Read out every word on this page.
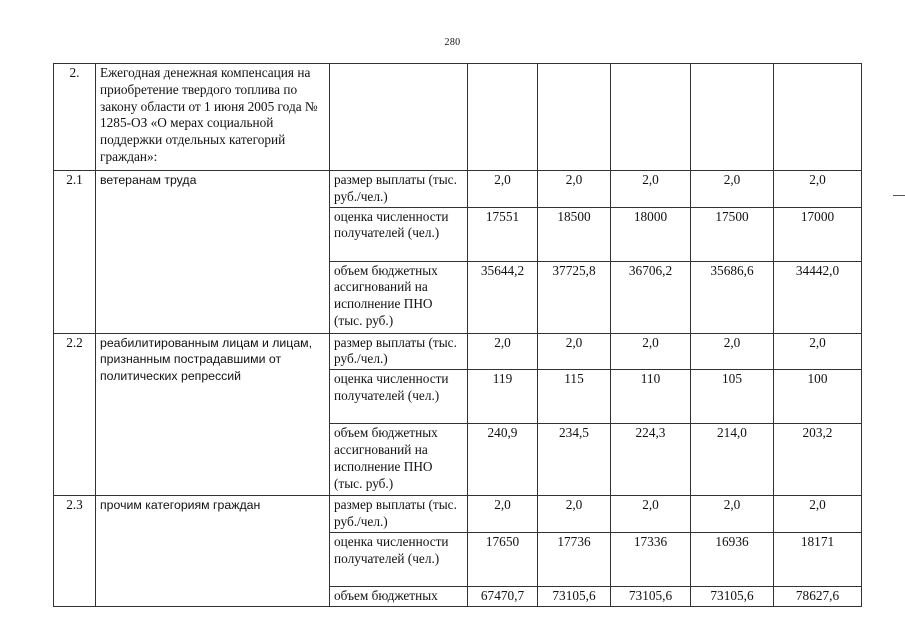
280
2.	Ежегодная денежная компенсация на приобретение твердого топлива по закону области от 1 июня 2005 года № 1285-ОЗ «О мерах социальной поддержки отдельных категорий граждан»:						
2.1	ветеранам труда	размер выплаты (тыс. руб./чел.)	2,0	2,0	2,0	2,0	2,0
		оценка численности получателей (чел.)	17551	18500	18000	17500	17000
		объем бюджетных ассигнований на исполнение ПНО (тыс. руб.)	35644,2	37725,8	36706,2	35686,6	34442,0
2.2	реабилитированным лицам и лицам, признанным пострадавшими от политических репрессий	размер выплаты (тыс. руб./чел.)	2,0	2,0	2,0	2,0	2,0
		оценка численности получателей (чел.)	119	115	110	105	100
		объем бюджетных ассигнований на исполнение ПНО (тыс. руб.)	240,9	234,5	224,3	214,0	203,2
2.3	прочим категориям граждан	размер выплаты (тыс. руб./чел.)	2,0	2,0	2,0	2,0	2,0
		оценка численности получателей (чел.)	17650	17736	17336	16936	18171
		объем бюджетных	67470,7	73105,6	73105,6	73105,6	78627,6
